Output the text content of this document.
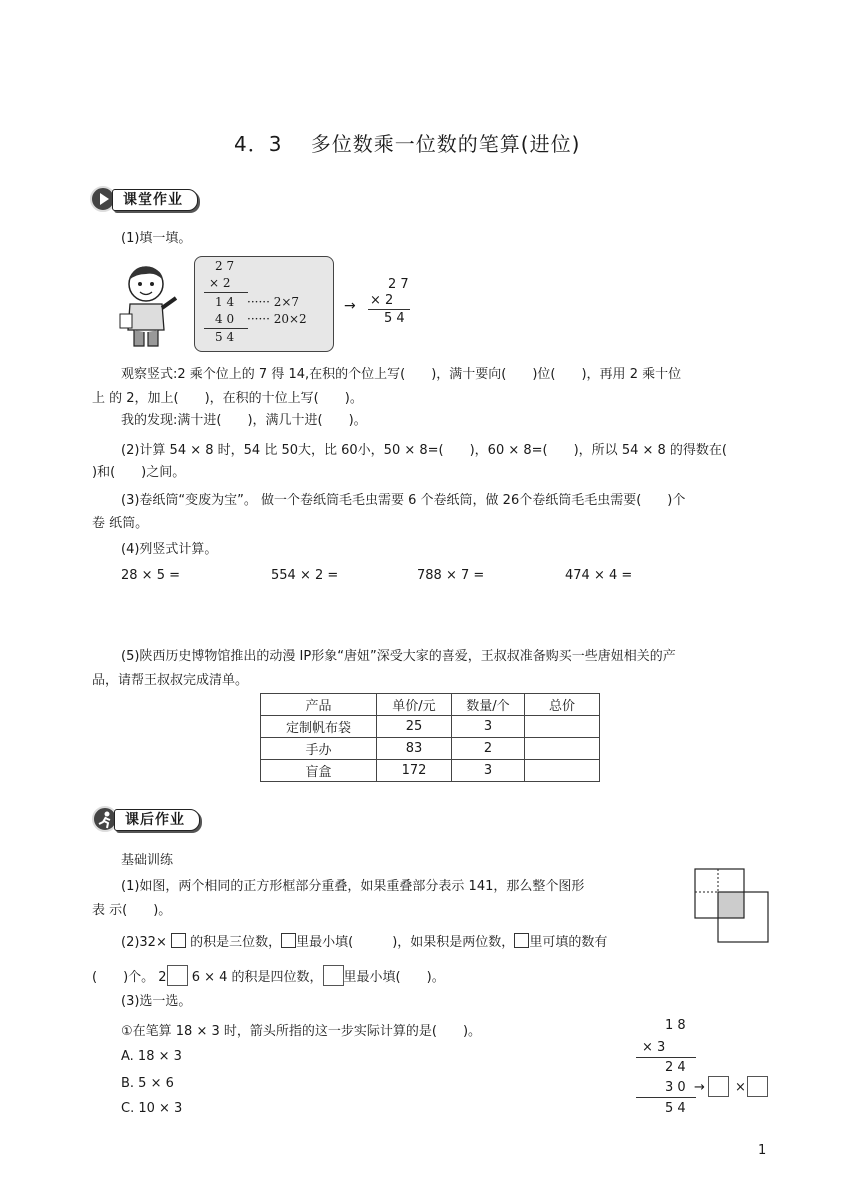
4．3　 多位数乘一位数的笔算(进位)
课堂作业
(1)填一填。
2 7
× 2
1 4 ······ 2×7
4 0 ······ 20×2
5 4
→
2 7
× 2
5 4
观察竖式:2 乘个位上的 7 得 14,在积的个位上写(　　)，满十要向(　　)位(　　)，再用 2 乘十位
上 的 2，加上(　　)，在积的十位上写(　　)。
我的发现:满十进(　　)，满几十进(　　)。
(2)计算 54 × 8 时，54 比 50大，比 60小，50 × 8=(　　)，60 × 8=(　　)，所以 54 × 8 的得数在(
)和(　　)之间。
(3)卷纸筒“变废为宝”。 做一个卷纸筒毛毛虫需要 6 个卷纸筒，做 26个卷纸筒毛毛虫需要(　　)个
卷 纸筒。
(4)列竖式计算。
28 × 5 =	554 × 2 =	788 × 7 =	474 × 4 =
(5)陕西历史博物馆推出的动漫 IP形象“唐妞”深受大家的喜爱，王叔叔准备购买一些唐妞相关的产
品，请帮王叔叔完成清单。
产品	单价/元	数量/个	总价
定制帆布袋	25	3	
手办	83	2	
盲盒	172	3	
课后作业
基础训练
(1)如图，两个相同的正方形框部分重叠，如果重叠部分表示 141，那么整个图形
表 示(　　)。
(2)32× 的积是三位数， 里最小填(　　　)，如果积是两位数， 里可填的数有
(　　)个。 2 6 × 4 的积是四位数， 里最小填(　　)。
(3)选一选。
①在笔算 18 × 3 时，箭头所指的这一步实际计算的是(　　)。
A. 18 × 3
B. 5 × 6
C. 10 × 3
1 8
× 3
2 4
3 0 → ×
5 4
1
